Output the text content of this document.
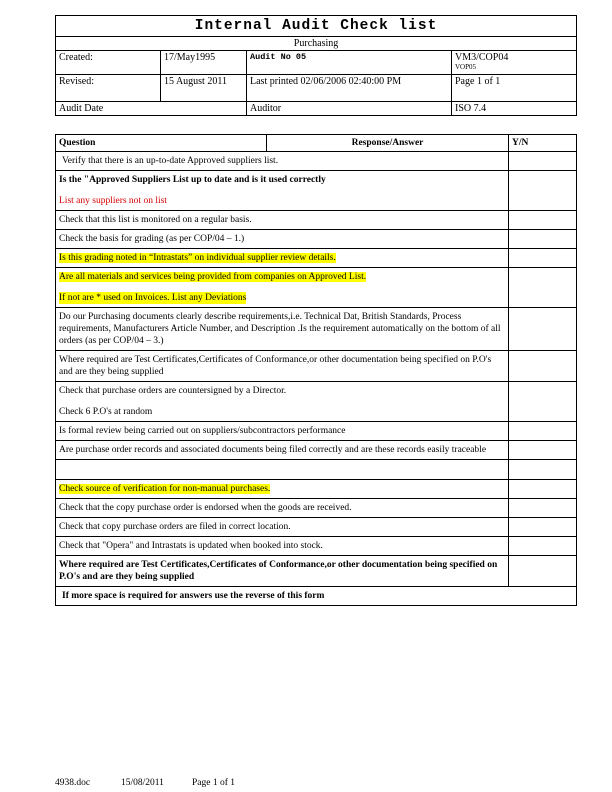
Internal Audit Check list			
Purchasing			
Created:	17/May1995	Audit No 05	VM3/COP04
VOP05

Revised:	15 August 2011	Last printed 02/06/2006 02:40:00 PM	Page 1 of 1
Audit Date		Auditor	ISO 7.4
Question	Response/Answer	Y/N

Verify that there is an up-to-date Approved suppliers list.		

Is the "Approved Suppliers List up to date and is it used correctly
List any suppliers not on list		

Check that this list is monitored on a regular basis.		

Check the basis for grading (as per COP/04 – 1.)		

Is this grading noted in “Intrastats” on individual supplier review details.		
Are all materials and services being provided from companies on Approved List.
If not are * used on Invoices. List any Deviations		

Do our Purchasing documents clearly describe requirements,i.e. Technical Dat, British Standards, Process requirements, Manufacturers Article Number, and Description .Is the requirement automatically on the bottom of all orders (as per COP/04 – 3.)		

Where required are Test Certificates,Certificates of Conformance,or other documentation being specified on P.O's and are they being supplied		

Check that purchase orders are countersigned by a Director.
Check 6 P.O's at random		

Is formal review being carried out on suppliers/subcontractors performance		

Are purchase order records and associated documents being filed correctly and are these records easily traceable		

Check source of verification for non-manual purchases.		

Check that the copy purchase order is endorsed when the goods are received.		

Check that copy purchase orders are filed in correct location.		

Check that "Opera" and Intrastats is updated when booked into stock.		

Where required are Test Certificates,Certificates of Conformance,or other documentation being specified on P.O's and are they being supplied		

If more space is required for answers use the reverse of this form		
4938.doc	15/08/2011	Page 1 of 1
